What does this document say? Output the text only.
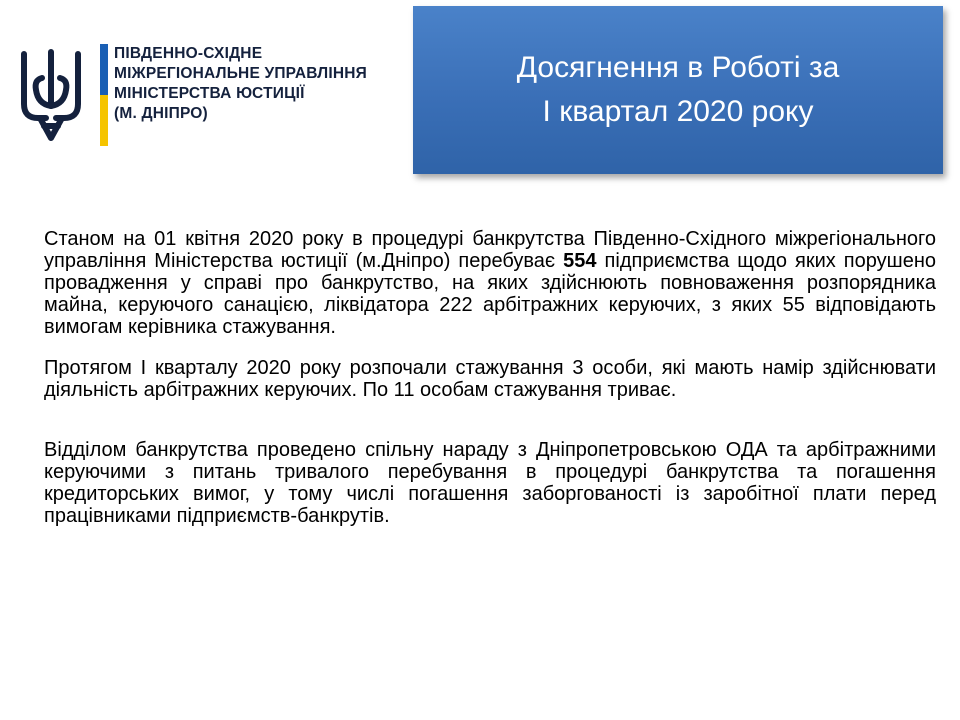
ПІВДЕННО-СХІДНЕ
МІЖРЕГІОНАЛЬНЕ УПРАВЛІННЯ
МІНІСТЕРСТВА ЮСТИЦІЇ
(М. ДНІПРО)
Досягнення в Роботі за
І квартал 2020 року

Станом на 01 квітня 2020 року в процедурі банкрутства Південно-Східного міжрегіонального управління Міністерства юстиції (м.Дніпро) перебуває 554 підприємства щодо яких порушено провадження у справі про банкрутство, на яких здійснюють повноваження розпорядника майна, керуючого санацією, ліквідатора 222 арбітражних керуючих, з яких 55 відповідають вимогам керівника стажування.

Протягом І кварталу 2020 року розпочали стажування 3 особи, які мають намір здійснювати діяльність арбітражних керуючих. По 11 особам стажування триває.

Відділом банкрутства проведено спільну нараду з Дніпропетровською ОДА та арбітражними керуючими з питань тривалого перебування в процедурі банкрутства та погашення кредиторських вимог, у тому числі погашення заборгованості із заробітної плати перед працівниками підприємств-банкрутів.
